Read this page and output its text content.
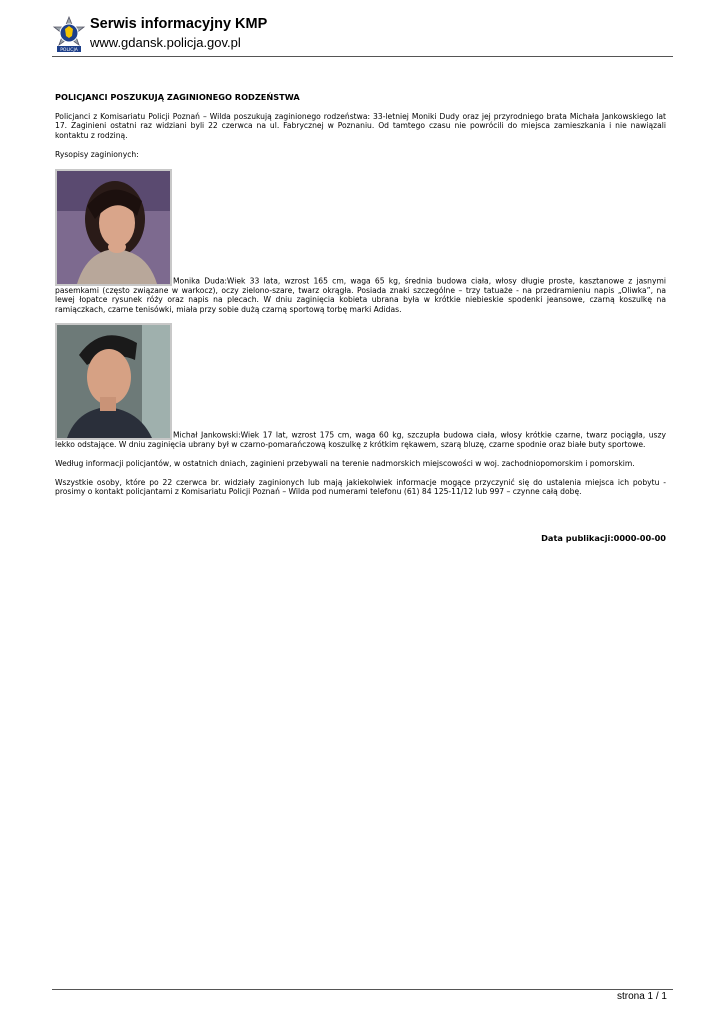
POLICJA
Serwis informacyjny KMP
www.gdansk.policja.gov.pl
POLICJANCI POSZUKUJĄ ZAGINIONEGO RODZEŃSTWA

Policjanci z Komisariatu Policji Poznań – Wilda poszukują zaginionego rodzeństwa: 33-letniej Moniki Dudy oraz jej przyrodniego brata Michała Jankowskiego lat 17. Zaginieni ostatni raz widziani byli 22 czerwca na ul. Fabrycznej w Poznaniu. Od tamtego czasu nie powrócili do miejsca zamieszkania i nie nawiązali kontaktu z rodziną.

Rysopisy zaginionych:

Monika Duda:Wiek 33 lata, wzrost 165 cm, waga 65 kg, średnia budowa ciała, włosy długie proste, kasztanowe z jasnymi pasemkami (często związane w warkocz), oczy zielono-szare, twarz okrągła. Posiada znaki szczególne – trzy tatuaże - na przedramieniu napis „Oliwka”, na lewej łopatce rysunek róży oraz napis na plecach. W dniu zaginięcia kobieta ubrana była w krótkie niebieskie spodenki jeansowe, czarną koszulkę na ramiączkach, czarne tenisówki, miała przy sobie dużą czarną sportową torbę marki Adidas.
Michał Jankowski:Wiek 17 lat, wzrost 175 cm, waga 60 kg, szczupła budowa ciała, włosy krótkie czarne, twarz pociągła, uszy lekko odstające. W dniu zaginięcia ubrany był w czarno-pomarańczową koszulkę z krótkim rękawem, szarą bluzę, czarne spodnie oraz białe buty sportowe.

Według informacji policjantów, w ostatnich dniach, zaginieni przebywali na terenie nadmorskich miejscowości w woj. zachodniopomorskim i pomorskim.

Wszystkie osoby, które po 22 czerwca br. widziały zaginionych lub mają jakiekolwiek informacje mogące przyczynić się do ustalenia miejsca ich pobytu - prosimy o kontakt policjantami z Komisariatu Policji Poznań – Wilda pod numerami telefonu (61) 84 125-11/12 lub 997 – czynne całą dobę.

Data publikacji:0000-00-00
strona 1 / 1
